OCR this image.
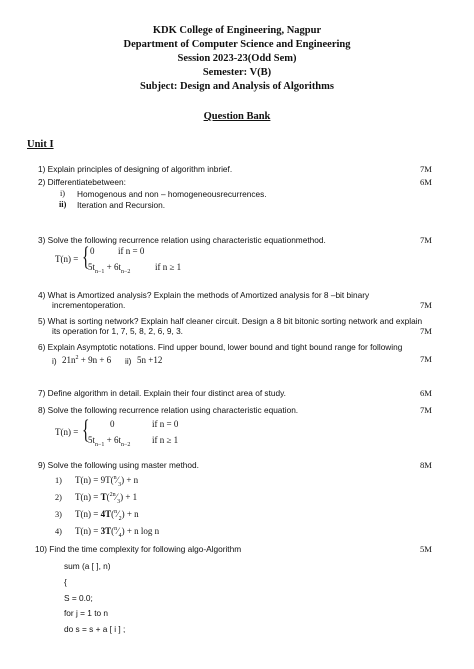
KDK College of Engineering, Nagpur
Department of Computer Science and Engineering
Session 2023-23(Odd Sem)
Semester: V(B)
Subject: Design and Analysis of Algorithms
Question Bank
Unit I
1) Explain principles of designing of algorithm inbrief.	7M
2) Differentiatebetween:	6M
i) Homogenous and non – homogeneousrecurrences.
ii) Iteration and Recursion.
3) Solve the following recurrence relation using characteristic equationmethod.	7M
T(n) = { 0	if n = 0
$5t_{n-1} + 6t_{n-2}$	if n ≥ 1
4) What is Amortized analysis? Explain the methods of Amortized analysis for 8 –bit binary
incrementoperation.	7M
5) What is sorting network? Explain half cleaner circuit. Design a 8 bit bitonic sorting network and explain
its operation for 1, 7, 5, 8, 2, 6, 9, 3.	7M
6) Explain Asymptotic notations. Find upper bound, lower bound and tight bound range for following
7M
i) $21n^2 + 9n + 6$ ii) 5n +12
7) Define algorithm in detail. Explain their four distinct area of study.	6M
8) Solve the following recurrence relation using characteristic equation.	7M
T(n) = { 0	if n = 0
$5t_{n-1} + 6t_{n-2}$ if n ≥ 1
9) Solve the following using master method.	8M
1) $T(n) = 9T(^n⁄_3) + n$
2) $T(n) = T(^{2n}⁄_3) + 1$
3) $T(n) = 4T(^n⁄_2) + n$
4) $T(n) = 3T(^n⁄_4) + n$ log n
10) Find the time complexity for following algo-Algorithm	5M
sum (a [ ], n)
{
S = 0.0;
for j = 1 to n
do s = s + a [ i ] ;
